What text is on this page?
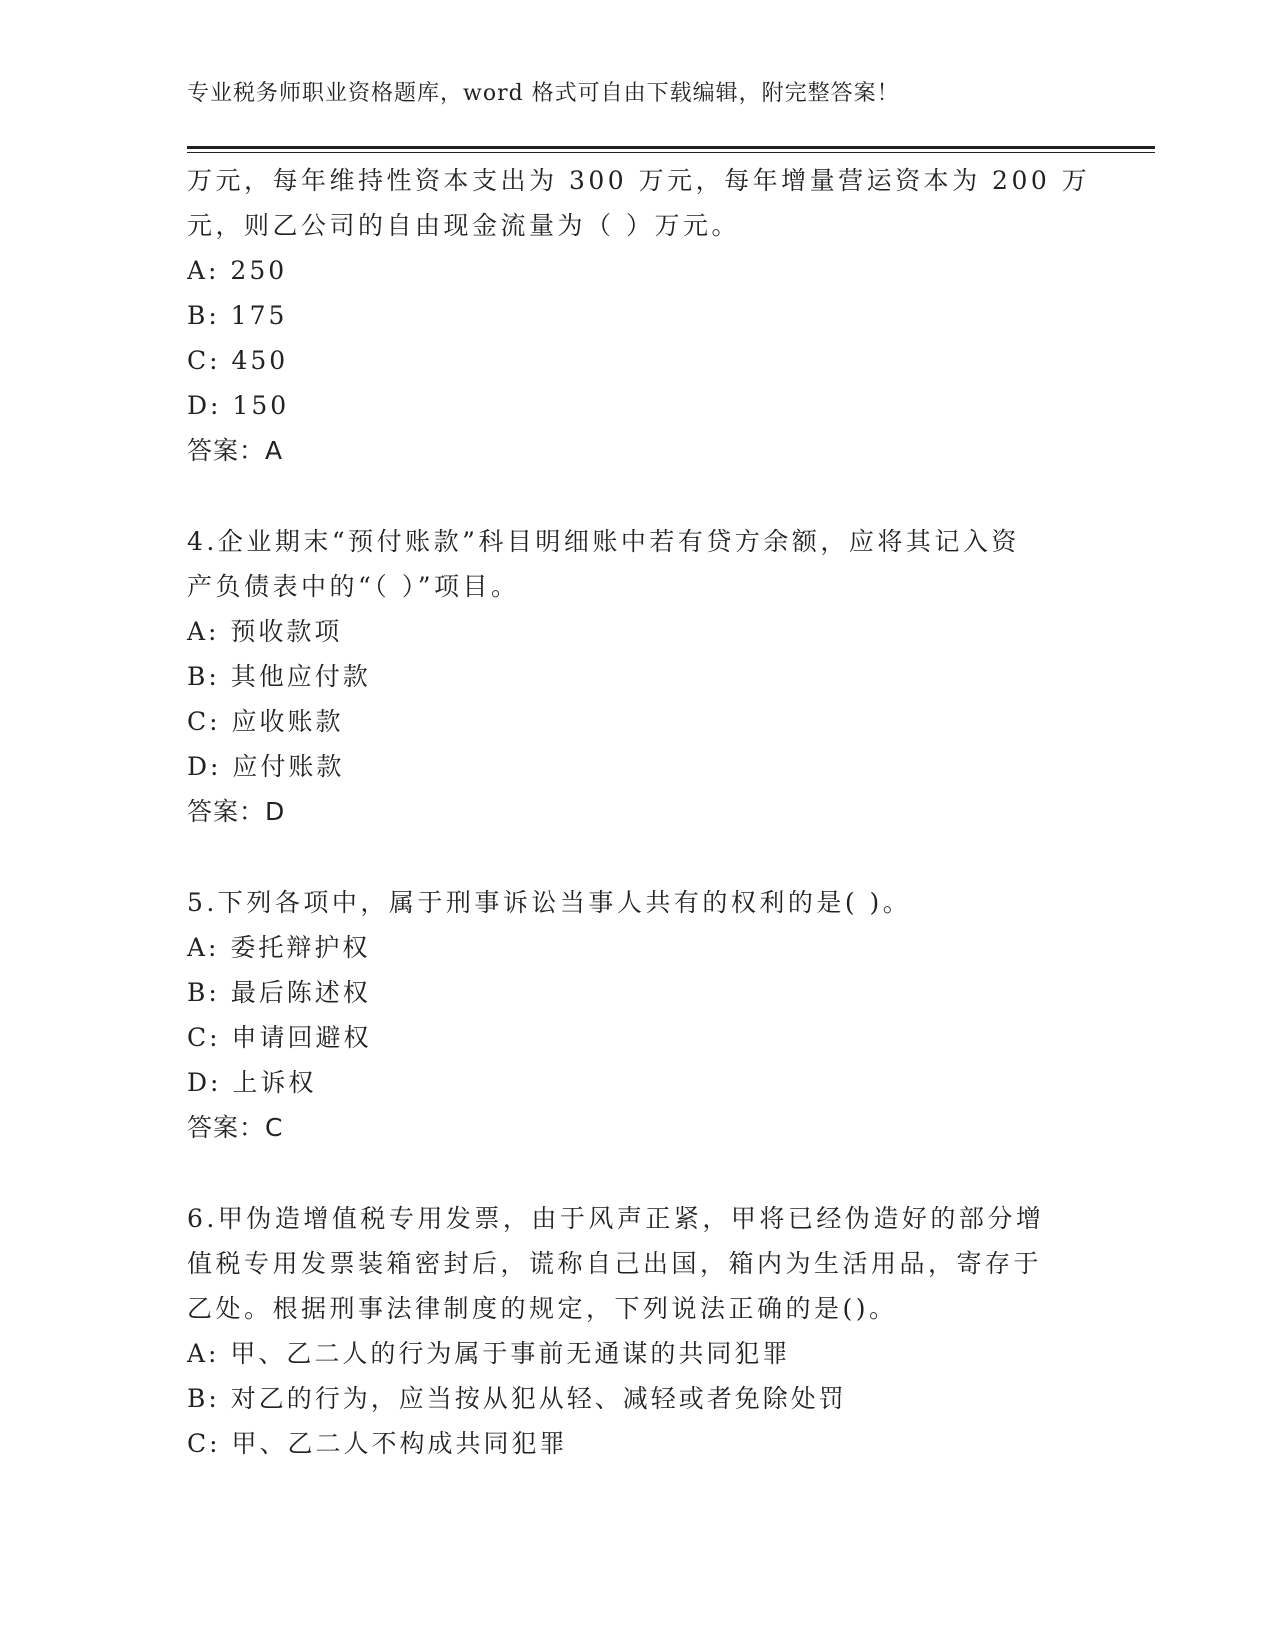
专业税务师职业资格题库，word 格式可自由下载编辑，附完整答案！
万元，每年维持性资本支出为 300 万元，每年增量营运资本为 200 万
元，则乙公司的自由现金流量为（ ）万元。
A: 250
B: 175
C: 450
D: 150
答案：A
4.企业期末“预付账款”科目明细账中若有贷方余额，应将其记入资
产负债表中的“（ ）”项目。
A: 预收款项
B: 其他应付款
C: 应收账款
D: 应付账款
答案：D
5.下列各项中，属于刑事诉讼当事人共有的权利的是( )。
A: 委托辩护权
B: 最后陈述权
C: 申请回避权
D: 上诉权
答案：C
6.甲伪造增值税专用发票，由于风声正紧，甲将已经伪造好的部分增
值税专用发票装箱密封后，谎称自己出国，箱内为生活用品，寄存于
乙处。根据刑事法律制度的规定，下列说法正确的是()。
A: 甲、乙二人的行为属于事前无通谋的共同犯罪
B: 对乙的行为，应当按从犯从轻、减轻或者免除处罚
C: 甲、乙二人不构成共同犯罪
